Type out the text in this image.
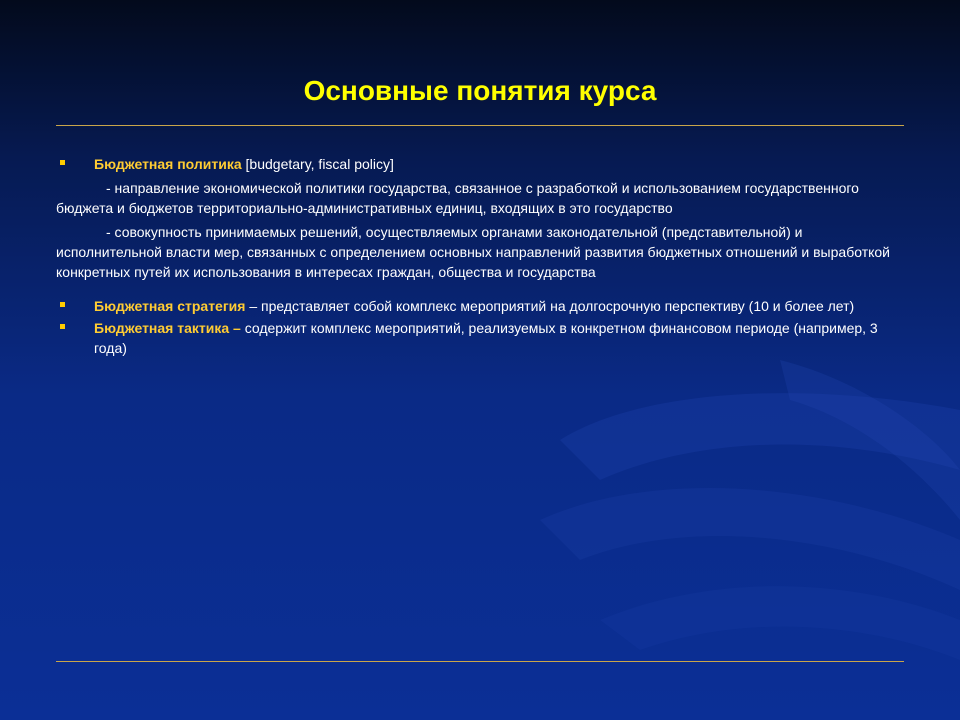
Основные понятия курса
Бюджетная политика [budgetary, fiscal policy]
- направление экономической политики государства, связанное с разработкой и использованием государственного бюджета и бюджетов территориально-административных единиц, входящих в это государство
- совокупность принимаемых решений, осуществляемых органами законодательной (представительной) и исполнительной власти мер, связанных с определением основных направлений развития бюджетных отношений и выработкой конкретных путей их использования в интересах граждан, общества и государства
Бюджетная стратегия – представляет собой комплекс мероприятий на долгосрочную перспективу (10 и более лет)
Бюджетная тактика – содержит комплекс мероприятий, реализуемых в конкретном финансовом периоде (например, 3 года)
